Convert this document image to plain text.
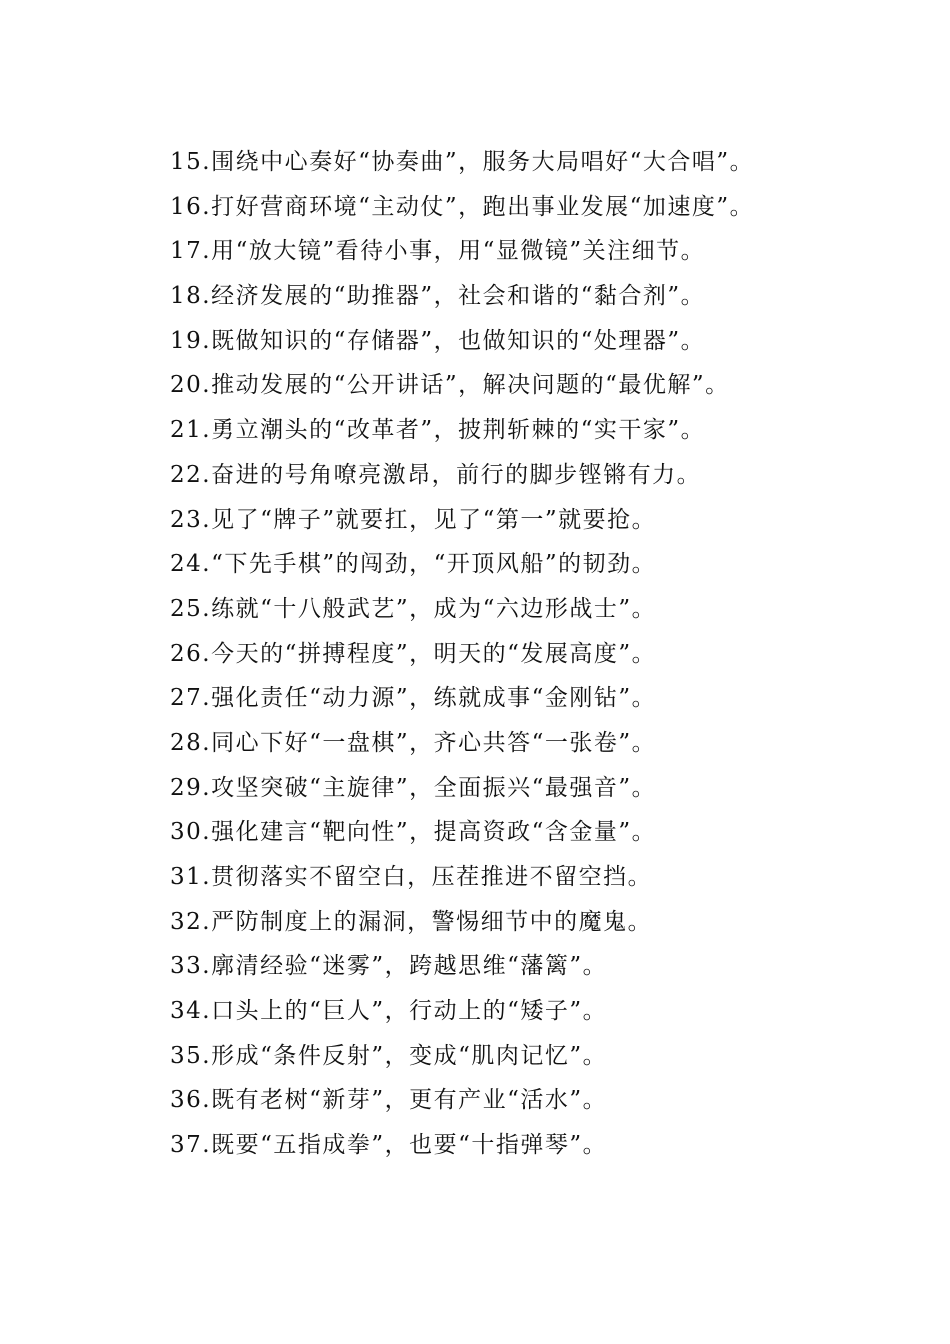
15.围绕中心奏好“协奏曲”，服务大局唱好“大合唱”。
16.打好营商环境“主动仗”，跑出事业发展“加速度”。
17.用“放大镜”看待小事，用“显微镜”关注细节。
18.经济发展的“助推器”，社会和谐的“黏合剂”。
19.既做知识的“存储器”，也做知识的“处理器”。
20.推动发展的“公开讲话”，解决问题的“最优解”。
21.勇立潮头的“改革者”，披荆斩棘的“实干家”。
22.奋进的号角嘹亮激昂，前行的脚步铿锵有力。
23.见了“牌子”就要扛，见了“第一”就要抢。
24.“下先手棋”的闯劲，“开顶风船”的韧劲。
25.练就“十八般武艺”，成为“六边形战士”。
26.今天的“拼搏程度”，明天的“发展高度”。
27.强化责任“动力源”，练就成事“金刚钻”。
28.同心下好“一盘棋”，齐心共答“一张卷”。
29.攻坚突破“主旋律”，全面振兴“最强音”。
30.强化建言“靶向性”，提高资政“含金量”。
31.贯彻落实不留空白，压茬推进不留空挡。
32.严防制度上的漏洞，警惕细节中的魔鬼。
33.廓清经验“迷雾”，跨越思维“藩篱”。
34.口头上的“巨人”，行动上的“矮子”。
35.形成“条件反射”，变成“肌肉记忆”。
36.既有老树“新芽”，更有产业“活水”。
37.既要“五指成拳”，也要“十指弹琴”。
